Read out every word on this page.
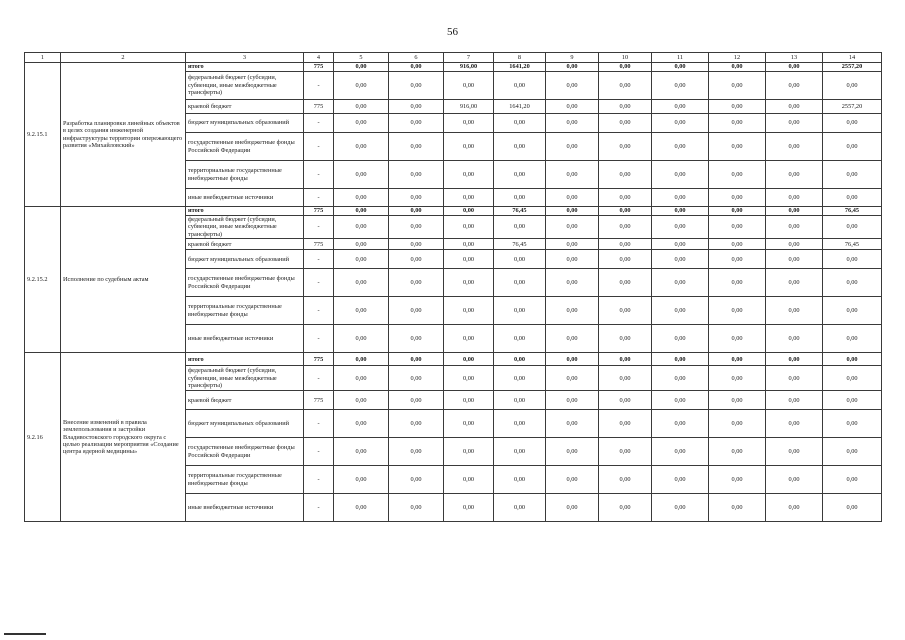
56
1	2	3	4	5	6	7	8	9	10	11	12	13	14
9.2.15.1	Разработка планировки линейных объектов в целях создания инженерной инфраструктуры территории опережающего развития «Михайловский»	итого	775	0,00	0,00	916,00	1641,20	0,00	0,00	0,00	0,00	0,00	2557,20
		федеральный бюджет (субсидии, субвенции, иные межбюджетные трансферты)	-	0,00	0,00	0,00	0,00	0,00	0,00	0,00	0,00	0,00	0,00
		краевой бюджет	775	0,00	0,00	916,00	1641,20	0,00	0,00	0,00	0,00	0,00	2557,20
		бюджет муниципальных образований	-	0,00	0,00	0,00	0,00	0,00	0,00	0,00	0,00	0,00	0,00
		государственные внебюджетные фонды Российской Федерации	-	0,00	0,00	0,00	0,00	0,00	0,00	0,00	0,00	0,00	0,00
		территориальные государственные внебюджетные фонды	-	0,00	0,00	0,00	0,00	0,00	0,00	0,00	0,00	0,00	0,00
		иные внебюджетные источники	-	0,00	0,00	0,00	0,00	0,00	0,00	0,00	0,00	0,00	0,00
9.2.15.2	Исполнение по судебным актам	итого	775	0,00	0,00	0,00	76,45	0,00	0,00	0,00	0,00	0,00	76,45
		федеральный бюджет (субсидии, субвенции, иные межбюджетные трансферты)	-	0,00	0,00	0,00	0,00	0,00	0,00	0,00	0,00	0,00	0,00
		краевой бюджет	775	0,00	0,00	0,00	76,45	0,00	0,00	0,00	0,00	0,00	76,45
		бюджет муниципальных образований	-	0,00	0,00	0,00	0,00	0,00	0,00	0,00	0,00	0,00	0,00
		государственные внебюджетные фонды Российской Федерации	-	0,00	0,00	0,00	0,00	0,00	0,00	0,00	0,00	0,00	0,00
		территориальные государственные внебюджетные фонды	-	0,00	0,00	0,00	0,00	0,00	0,00	0,00	0,00	0,00	0,00
		иные внебюджетные источники	-	0,00	0,00	0,00	0,00	0,00	0,00	0,00	0,00	0,00	0,00
9.2.16	Внесение изменений в правила землепользования и застройки Владивостокского городского округа с целью реализации мероприятия «Создание центра ядерной медицины»	итого	775	0,00	0,00	0,00	0,00	0,00	0,00	0,00	0,00	0,00	0,00
		федеральный бюджет (субсидии, субвенции, иные межбюджетные трансферты)	-	0,00	0,00	0,00	0,00	0,00	0,00	0,00	0,00	0,00	0,00
		краевой бюджет	775	0,00	0,00	0,00	0,00	0,00	0,00	0,00	0,00	0,00	0,00
		бюджет муниципальных образований	-	0,00	0,00	0,00	0,00	0,00	0,00	0,00	0,00	0,00	0,00
		государственные внебюджетные фонды Российской Федерации	-	0,00	0,00	0,00	0,00	0,00	0,00	0,00	0,00	0,00	0,00
		территориальные государственные внебюджетные фонды	-	0,00	0,00	0,00	0,00	0,00	0,00	0,00	0,00	0,00	0,00
		иные внебюджетные источники	-	0,00	0,00	0,00	0,00	0,00	0,00	0,00	0,00	0,00	0,00
